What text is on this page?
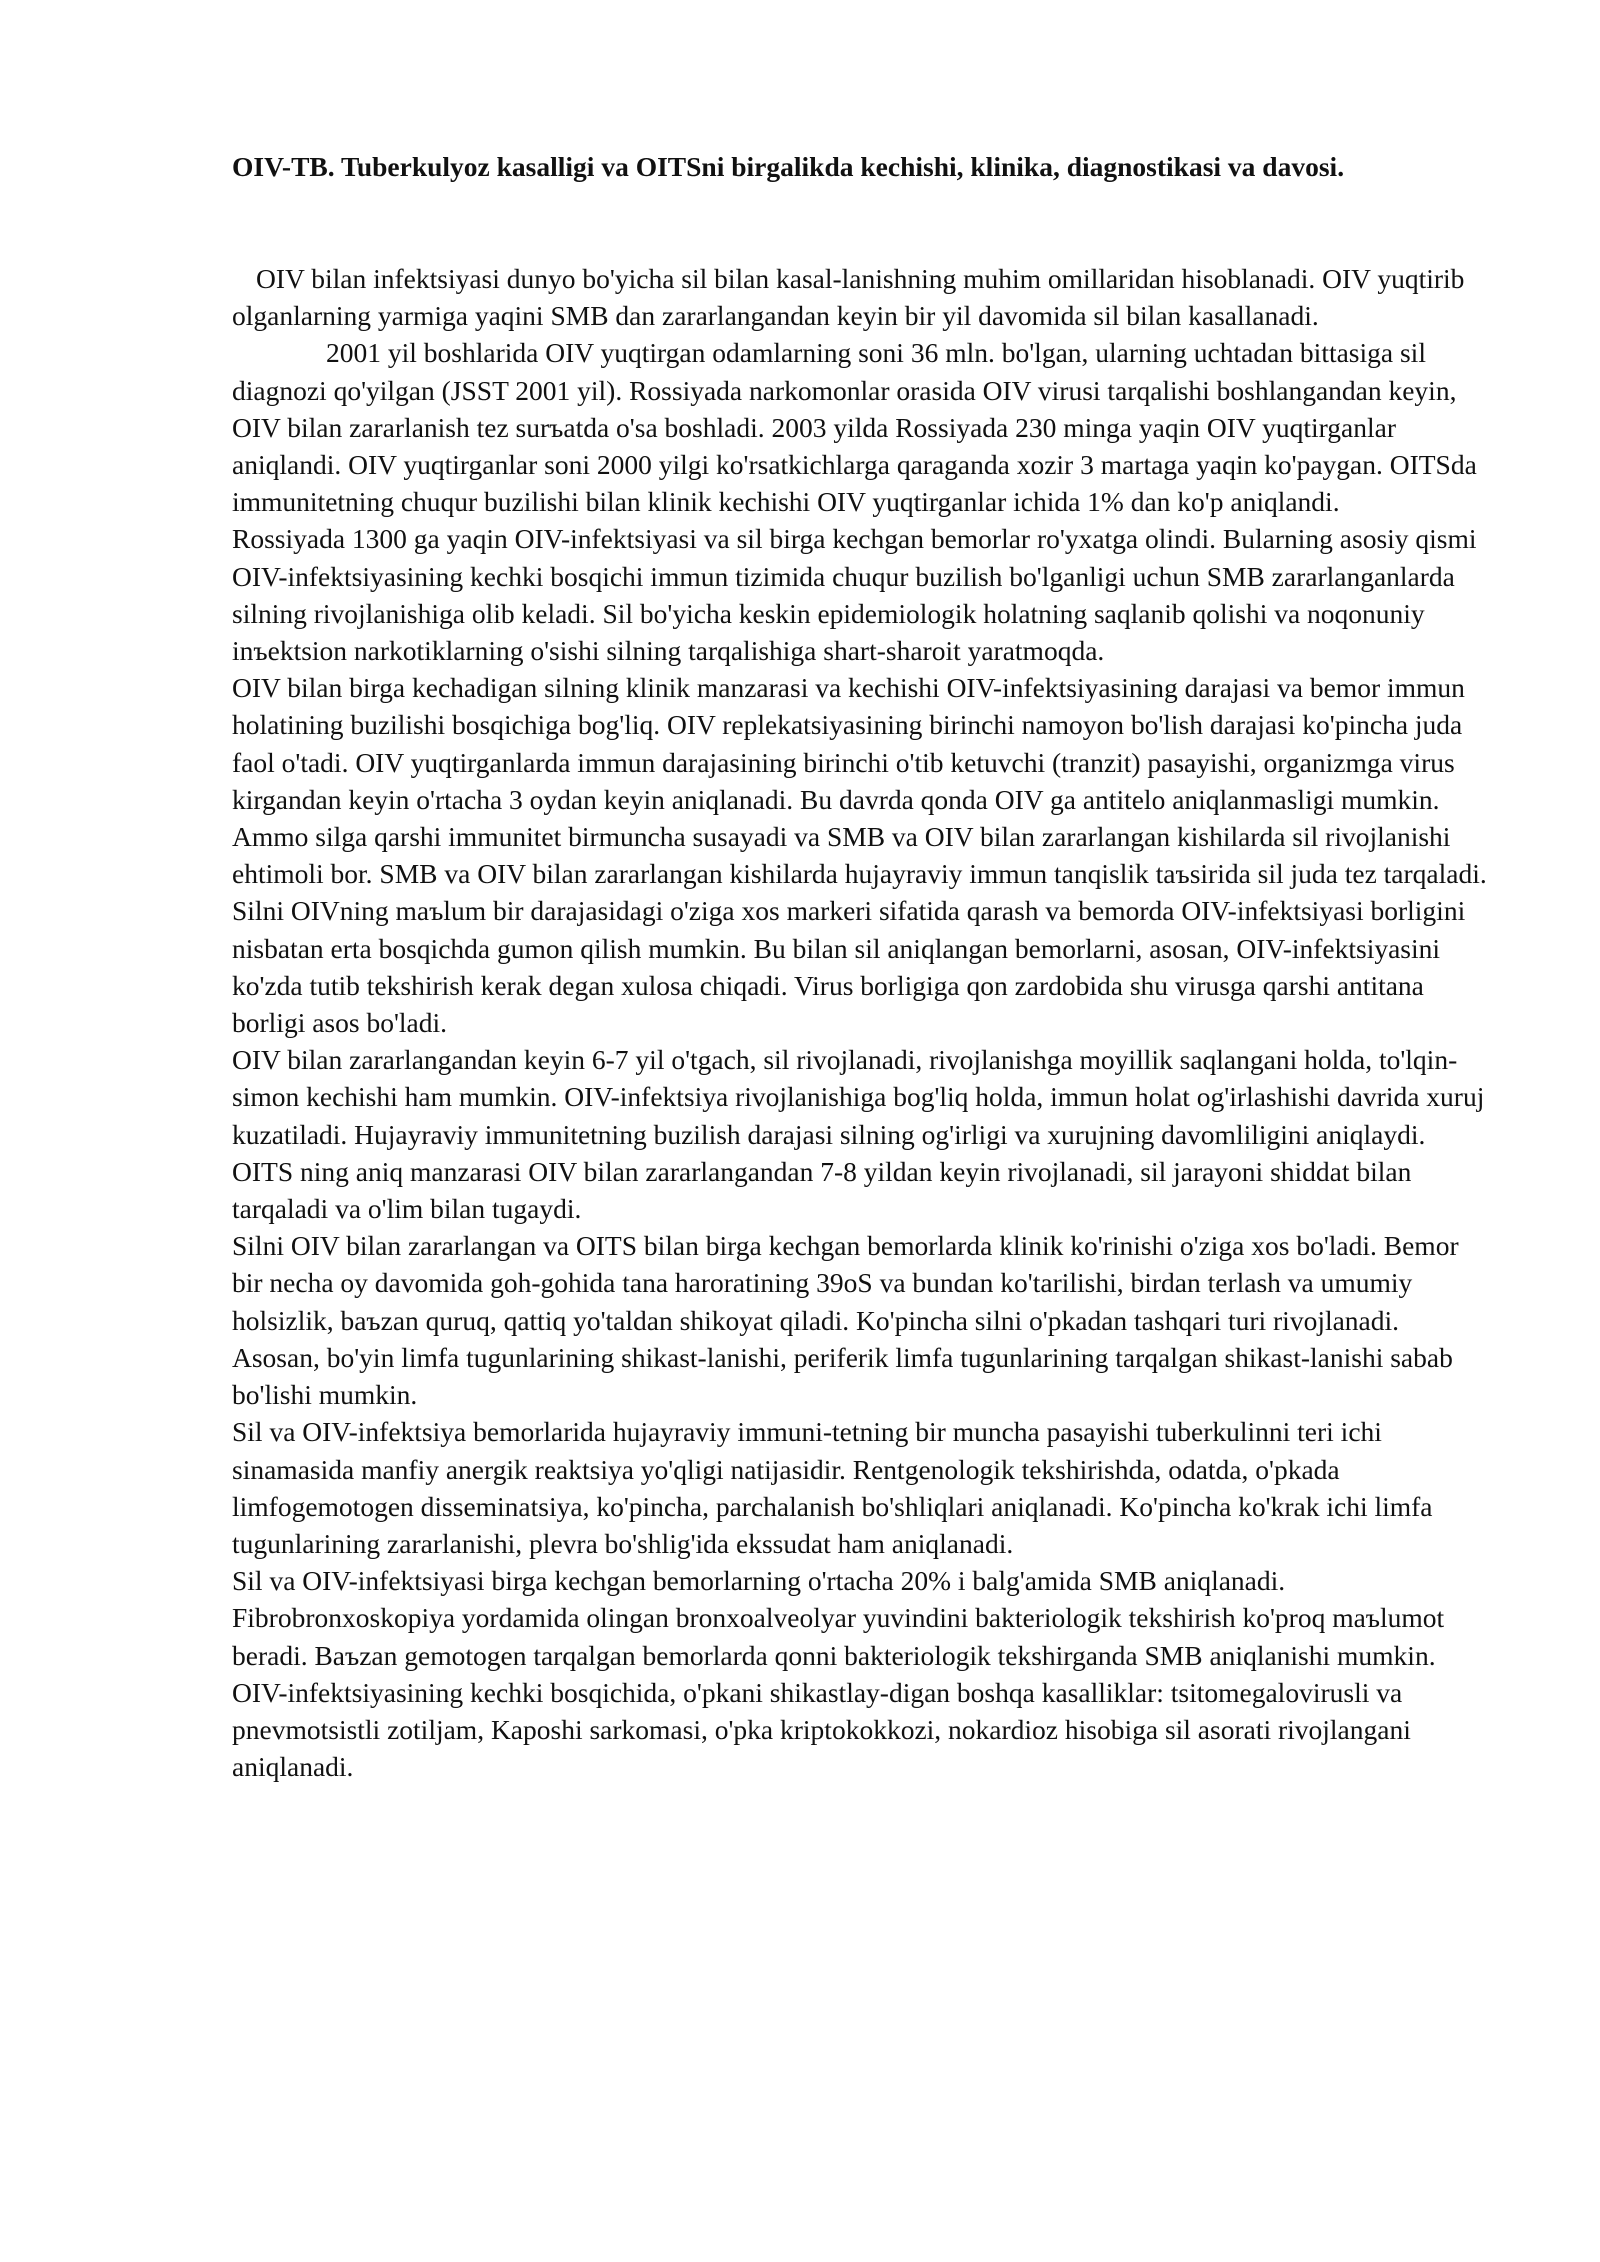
OIV-TB. Tuberkulyoz kasalligi va OITSni birgalikda kechishi, klinika, diagnostikasi va davosi.

OIV bilan infektsiyasi dunyo bo'yicha sil bilan kasal-lanishning muhim omillaridan hisoblanadi. OIV yuqtirib olganlarning yarmiga yaqini SMB dan zararlangandan keyin bir yil davomida sil bilan kasallanadi.

2001 yil boshlarida OIV yuqtirgan odamlarning soni 36 mln. bo'lgan, ularning uchtadan bittasiga sil diagnozi qo'yilgan (JSST 2001 yil). Rossiyada narkomonlar orasida OIV virusi tarqalishi boshlangandan keyin, OIV bilan zararlanish tez surъatda o'sa boshladi. 2003 yilda Rossiyada 230 minga yaqin OIV yuqtirganlar aniqlandi. OIV yuqtirganlar soni 2000 yilgi ko'rsatkichlarga qaraganda xozir 3 martaga yaqin ko'paygan. OITSda immunitetning chuqur buzilishi bilan klinik kechishi OIV yuqtirganlar ichida 1% dan ko'p aniqlandi.

Rossiyada 1300 ga yaqin OIV-infektsiyasi va sil birga kechgan bemorlar ro'yxatga olindi. Bularning asosiy qismi OIV-infektsiyasining kechki bosqichi immun tizimida chuqur buzilish bo'lganligi uchun SMB zararlanganlarda silning rivojlanishiga olib keladi. Sil bo'yicha keskin epidemiologik holatning saqlanib qolishi va noqonuniy inъektsion narkotiklarning o'sishi silning tarqalishiga shart-sharoit yaratmoqda.

OIV bilan birga kechadigan silning klinik manzarasi va kechishi OIV-infektsiyasining darajasi va bemor immun holatining buzilishi bosqichiga bog'liq. OIV replekatsiyasining birinchi namoyon bo'lish darajasi ko'pincha juda faol o'tadi. OIV yuqtirganlarda immun darajasining birinchi o'tib ketuvchi (tranzit) pasayishi, organizmga virus kirgandan keyin o'rtacha 3 oydan keyin aniqlanadi. Bu davrda qonda OIV ga antitelo aniqlanmasligi mumkin. Ammo silga qarshi immunitet birmuncha susayadi va SMB va OIV bilan zararlangan kishilarda sil rivojlanishi ehtimoli bor. SMB va OIV bilan zararlangan kishilarda hujayraviy immun tanqislik taъsirida sil juda tez tarqaladi. Silni OIVning maъlum bir darajasidagi o'ziga xos markeri sifatida qarash va bemorda OIV-infektsiyasi borligini nisbatan erta bosqichda gumon qilish mumkin. Bu bilan sil aniqlangan bemorlarni, asosan, OIV-infektsiyasini ko'zda tutib tekshirish kerak degan xulosa chiqadi. Virus borligiga qon zardobida shu virusga qarshi antitana borligi asos bo'ladi.

OIV bilan zararlangandan keyin 6-7 yil o'tgach, sil rivojlanadi, rivojlanishga moyillik saqlangani holda, to'lqin-simon kechishi ham mumkin. OIV-infektsiya rivojlanishiga bog'liq holda, immun holat og'irlashishi davrida xuruj kuzatiladi. Hujayraviy immunitetning buzilish darajasi silning og'irligi va xurujning davomliligini aniqlaydi. OITS ning aniq manzarasi OIV bilan zararlangandan 7-8 yildan keyin rivojlanadi, sil jarayoni shiddat bilan tarqaladi va o'lim bilan tugaydi.

Silni OIV bilan zararlangan va OITS bilan birga kechgan bemorlarda klinik ko'rinishi o'ziga xos bo'ladi. Bemor bir necha oy davomida goh-gohida tana haroratining 39oS va bundan ko'tarilishi, birdan terlash va umumiy holsizlik, baъzan quruq, qattiq yo'taldan shikoyat qiladi. Ko'pincha silni o'pkadan tashqari turi rivojlanadi. Asosan, bo'yin limfa tugunlarining shikast-lanishi, periferik limfa tugunlarining tarqalgan shikast-lanishi sabab bo'lishi mumkin.

Sil va OIV-infektsiya bemorlarida hujayraviy immuni-tetning bir muncha pasayishi tuberkulinni teri ichi sinamasida manfiy anergik reaktsiya yo'qligi natijasidir. Rentgenologik tekshirishda, odatda, o'pkada limfogemotogen disseminatsiya, ko'pincha, parchalanish bo'shliqlari aniqlanadi. Ko'pincha ko'krak ichi limfa tugunlarining zararlanishi, plevra bo'shlig'ida ekssudat ham aniqlanadi.

Sil va OIV-infektsiyasi birga kechgan bemorlarning o'rtacha 20% i balg'amida SMB aniqlanadi. Fibrobronxoskopiya yordamida olingan bronxoalveolyar yuvindini bakteriologik tekshirish ko'proq maъlumot beradi. Baъzan gemotogen tarqalgan bemorlarda qonni bakteriologik tekshirganda SMB aniqlanishi mumkin.

OIV-infektsiyasining kechki bosqichida, o'pkani shikastlay-digan boshqa kasalliklar: tsitomegalovirusli va pnevmotsistli zotiljam, Kaposhi sarkomasi, o'pka kriptokokkozi, nokardioz hisobiga sil asorati rivojlangani aniqlanadi.
